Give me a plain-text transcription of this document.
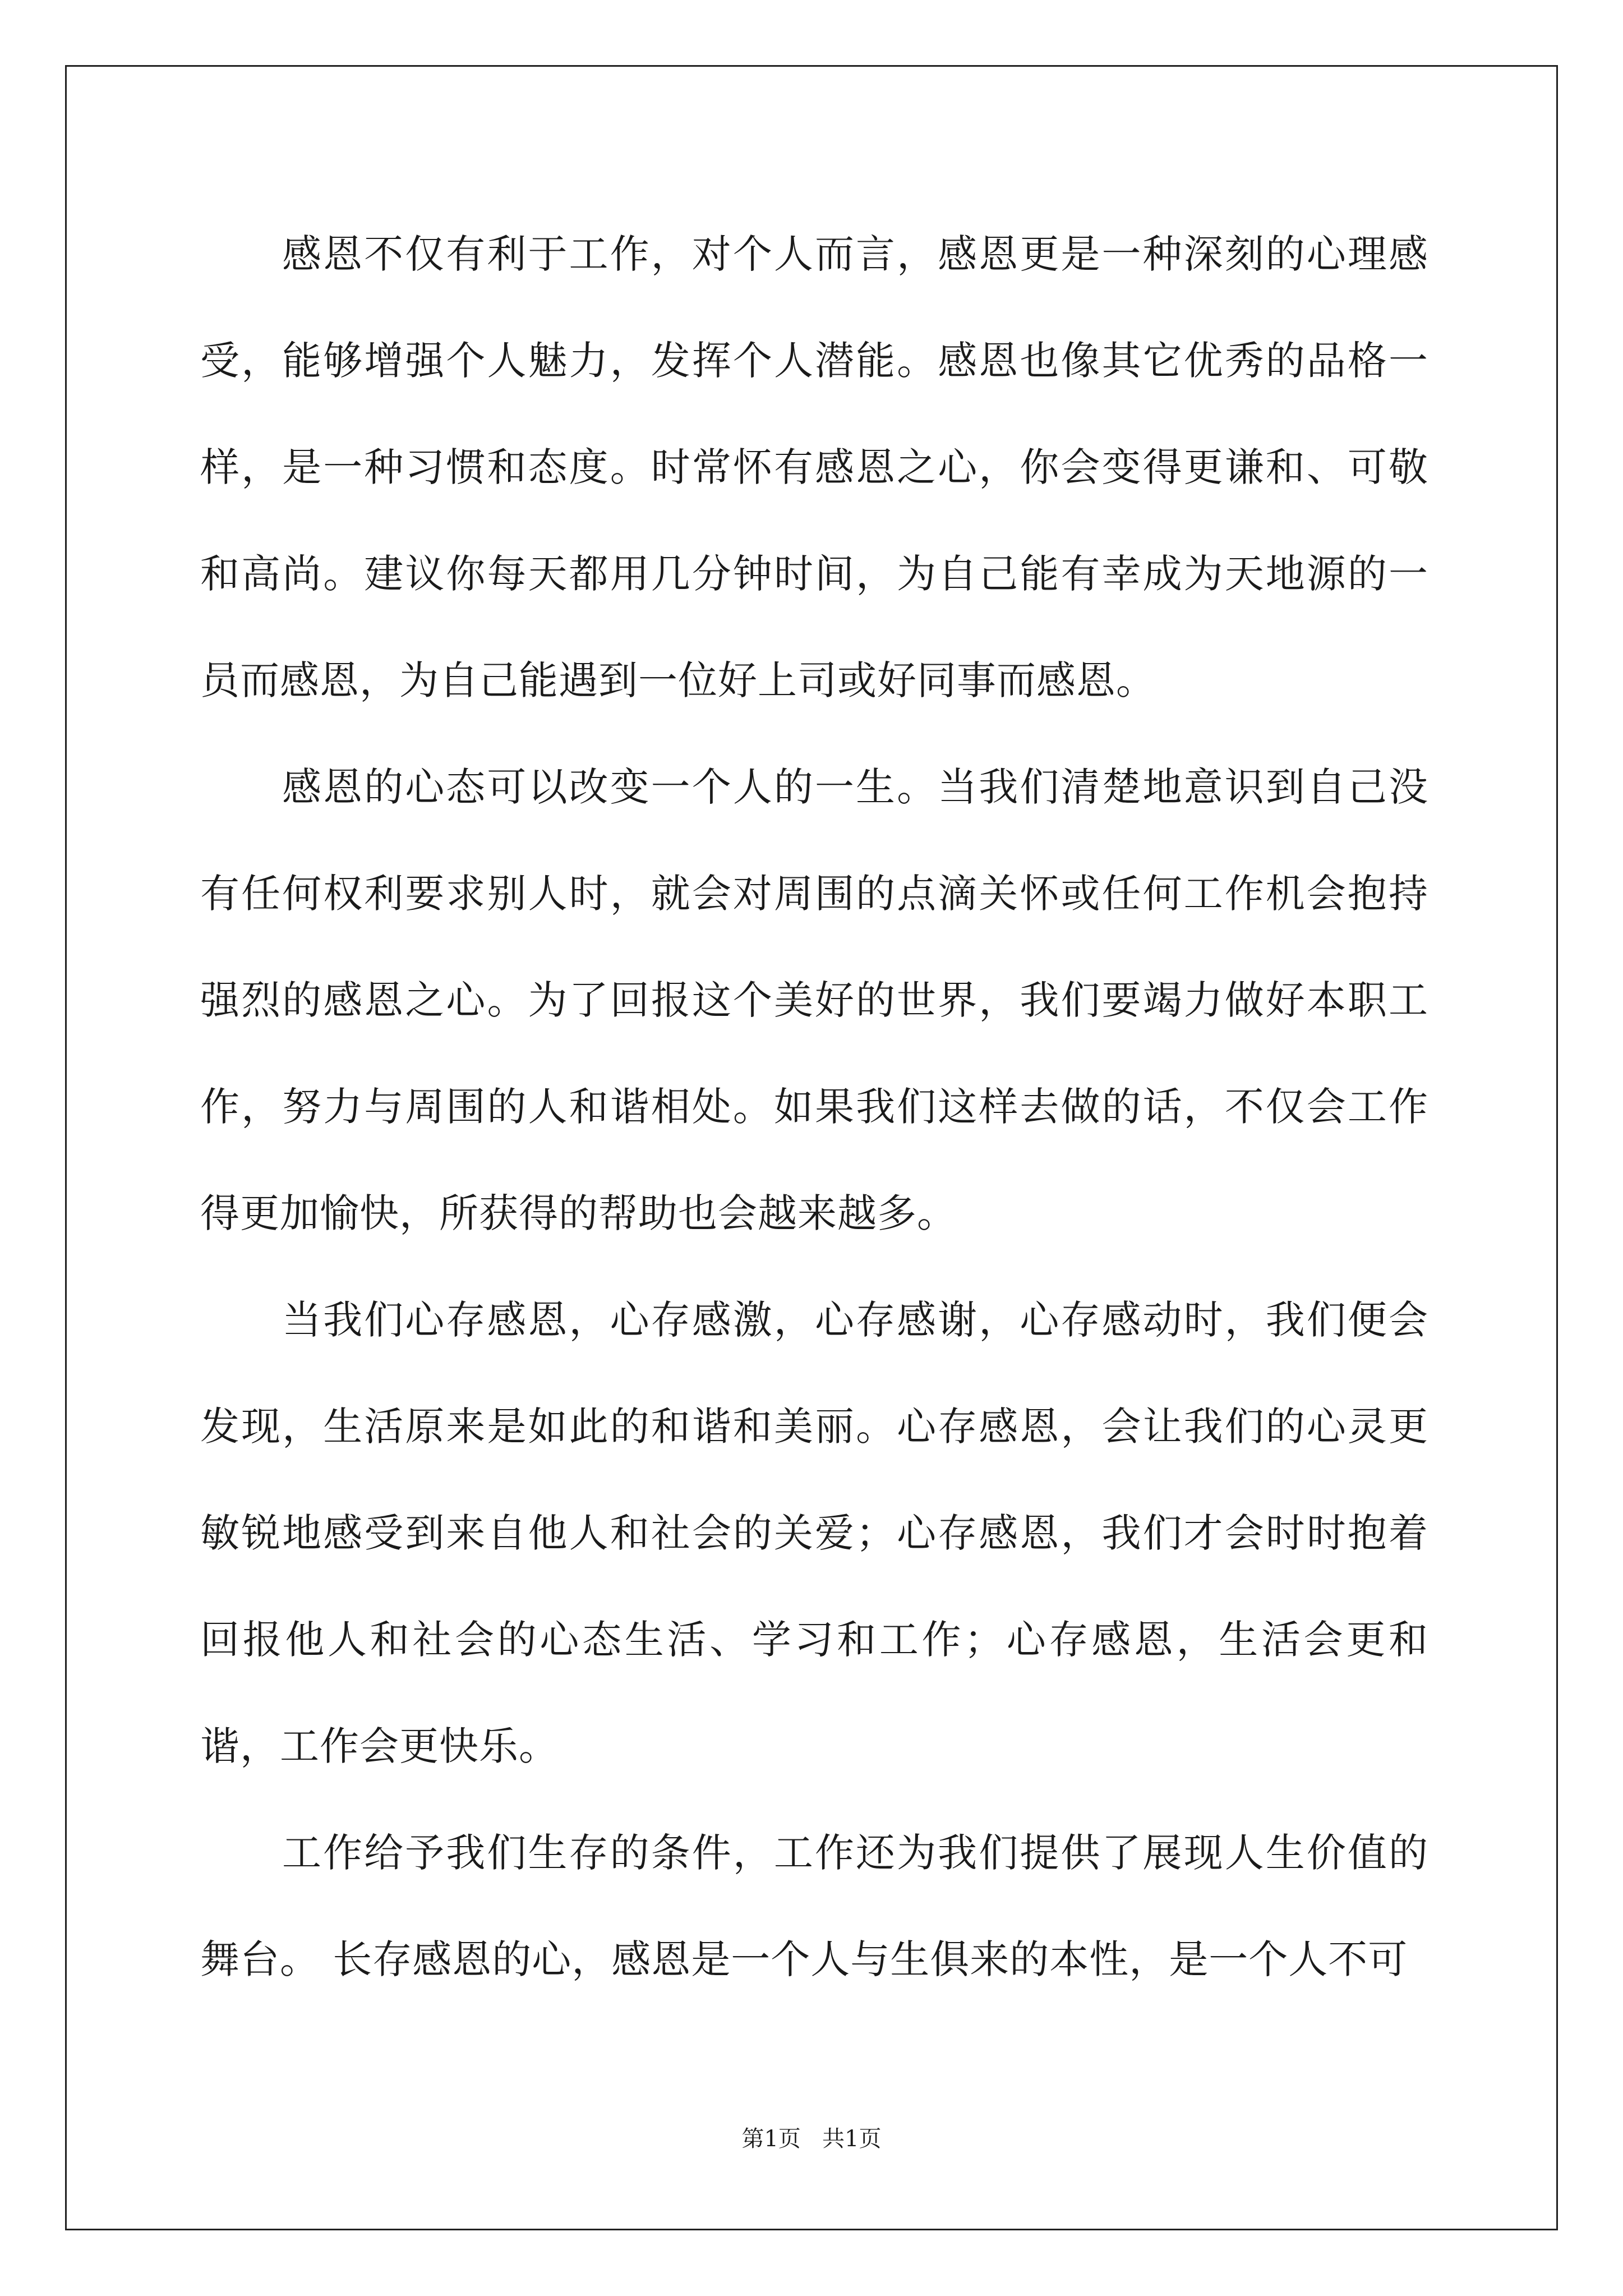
感恩不仅有利于工作，对个人而言，感恩更是一种深刻的心理感受，能够增强个人魅力，发挥个人潜能。感恩也像其它优秀的品格一样，是一种习惯和态度。时常怀有感恩之心，你会变得更谦和、可敬和高尚。建议你每天都用几分钟时间，为自己能有幸成为天地源的一员而感恩，为自己能遇到一位好上司或好同事而感恩。

感恩的心态可以改变一个人的一生。当我们清楚地意识到自己没有任何权利要求别人时，就会对周围的点滴关怀或任何工作机会抱持强烈的感恩之心。为了回报这个美好的世界，我们要竭力做好本职工作，努力与周围的人和谐相处。如果我们这样去做的话，不仅会工作得更加愉快，所获得的帮助也会越来越多。

当我们心存感恩，心存感激，心存感谢，心存感动时，我们便会发现，生活原来是如此的和谐和美丽。心存感恩，会让我们的心灵更敏锐地感受到来自他人和社会的关爱；心存感恩，我们才会时时抱着回报他人和社会的心态生活、学习和工作；心存感恩，生活会更和谐，工作会更快乐。

工作给予我们生存的条件，工作还为我们提供了展现人生价值的舞台。 长存感恩的心，感恩是一个人与生俱来的本性，是一个人不可

第1页   共1页
